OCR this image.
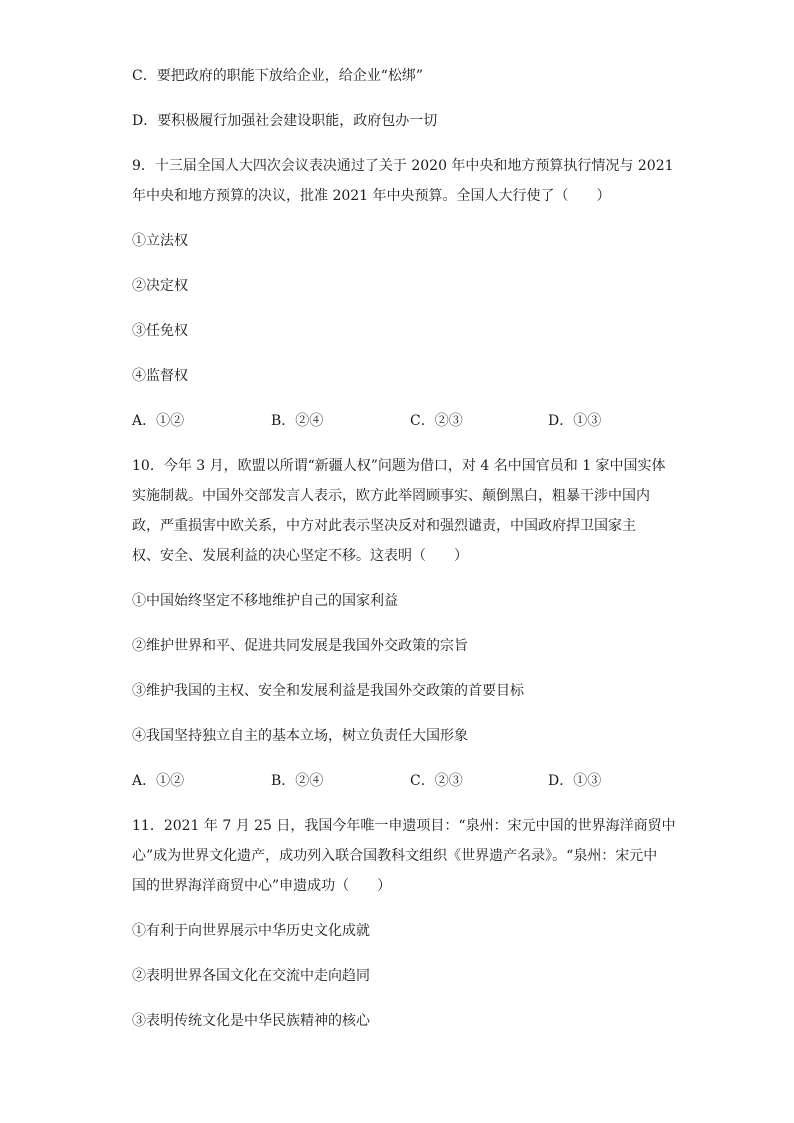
C．要把政府的职能下放给企业，给企业“松绑”
D．要积极履行加强社会建设职能，政府包办一切
9．十三届全国人大四次会议表决通过了关于 2020 年中央和地方预算执行情况与 2021
年中央和地方预算的决议，批准 2021 年中央预算。全国人大行使了（　　）
①立法权
②决定权
③任免权
④监督权
A．①②	B．②④	C．②③	D．①③
10．今年 3 月，欧盟以所谓“新疆人权”问题为借口，对 4 名中国官员和 1 家中国实体
实施制裁。中国外交部发言人表示，欧方此举罔顾事实、颠倒黑白，粗暴干涉中国内
政，严重损害中欧关系，中方对此表示坚决反对和强烈谴责，中国政府捍卫国家主
权、安全、发展利益的决心坚定不移。这表明（　　）
①中国始终坚定不移地维护自己的国家利益
②维护世界和平、促进共同发展是我国外交政策的宗旨
③维护我国的主权、安全和发展利益是我国外交政策的首要目标
④我国坚持独立自主的基本立场，树立负责任大国形象
A．①②	B．②④	C．②③	D．①③
11．2021 年 7 月 25 日，我国今年唯一申遗项目：“泉州：宋元中国的世界海洋商贸中
心”成为世界文化遗产，成功列入联合国教科文组织《世界遗产名录》。“泉州：宋元中
国的世界海洋商贸中心”申遗成功（　　）
①有利于向世界展示中华历史文化成就
②表明世界各国文化在交流中走向趋同
③表明传统文化是中华民族精神的核心
